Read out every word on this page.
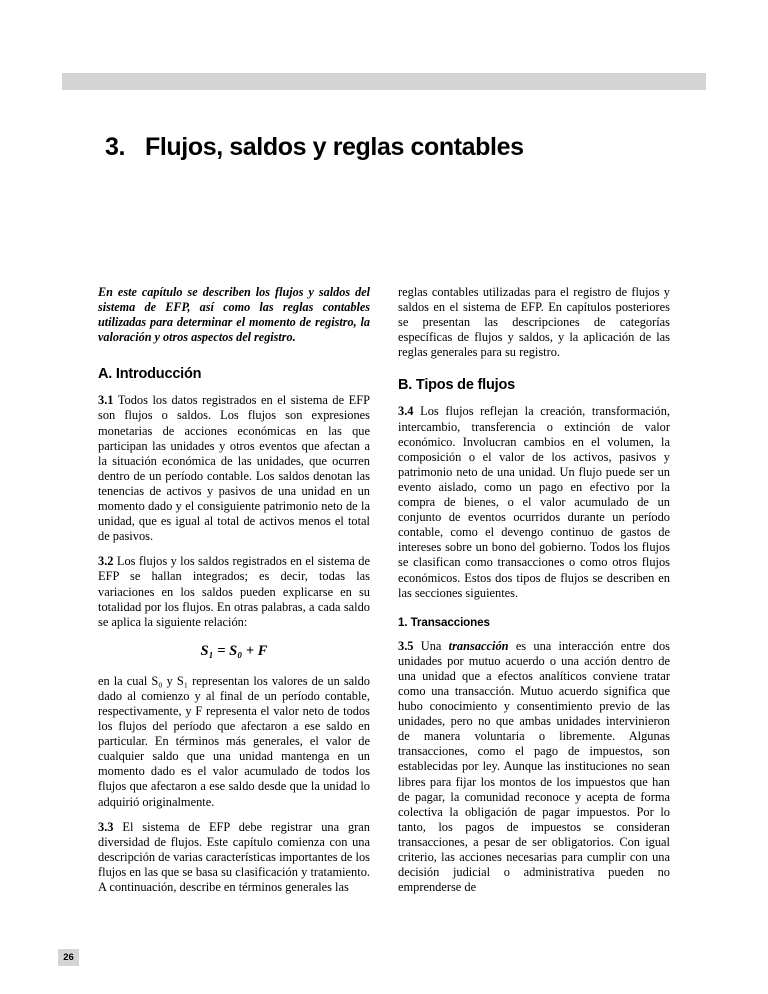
3. Flujos, saldos y reglas contables

En este capítulo se describen los flujos y saldos del sistema de EFP, así como las reglas contables utilizadas para determinar el momento de registro, la valoración y otros aspectos del registro.

A. Introducción

3.1 Todos los datos registrados en el sistema de EFP son flujos o saldos. Los flujos son expresiones monetarias de acciones económicas en las que participan las unidades y otros eventos que afectan a la situación económica de las unidades, que ocurren dentro de un período contable. Los saldos denotan las tenencias de activos y pasivos de una unidad en un momento dado y el consiguiente patrimonio neto de la unidad, que es igual al total de activos menos el total de pasivos.

3.2 Los flujos y los saldos registrados en el sistema de EFP se hallan integrados; es decir, todas las variaciones en los saldos pueden explicarse en su totalidad por los flujos. En otras palabras, a cada saldo se aplica la siguiente relación:

S₁ = S₀ + F

en la cual S₀ y S₁ representan los valores de un saldo dado al comienzo y al final de un período contable, respectivamente, y F representa el valor neto de todos los flujos del período que afectaron a ese saldo en particular. En términos más generales, el valor de cualquier saldo que una unidad mantenga en un momento dado es el valor acumulado de todos los flujos que afectaron a ese saldo desde que la unidad lo adquirió originalmente.

3.3 El sistema de EFP debe registrar una gran diversidad de flujos. Este capítulo comienza con una descripción de varias características importantes de los flujos en las que se basa su clasificación y tratamiento. A continuación, describe en términos generales las

reglas contables utilizadas para el registro de flujos y saldos en el sistema de EFP. En capítulos posteriores se presentan las descripciones de categorías específicas de flujos y saldos, y la aplicación de las reglas generales para su registro.

B. Tipos de flujos

3.4 Los flujos reflejan la creación, transformación, intercambio, transferencia o extinción de valor económico. Involucran cambios en el volumen, la composición o el valor de los activos, pasivos y patrimonio neto de una unidad. Un flujo puede ser un evento aislado, como un pago en efectivo por la compra de bienes, o el valor acumulado de un conjunto de eventos ocurridos durante un período contable, como el devengo continuo de gastos de intereses sobre un bono del gobierno. Todos los flujos se clasifican como transacciones o como otros flujos económicos. Estos dos tipos de flujos se describen en las secciones siguientes.

1. Transacciones

3.5 Una transacción es una interacción entre dos unidades por mutuo acuerdo o una acción dentro de una unidad que a efectos analíticos conviene tratar como una transacción. Mutuo acuerdo significa que hubo conocimiento y consentimiento previo de las unidades, pero no que ambas unidades intervinieron de manera voluntaria o libremente. Algunas transacciones, como el pago de impuestos, son establecidas por ley. Aunque las instituciones no sean libres para fijar los montos de los impuestos que han de pagar, la comunidad reconoce y acepta de forma colectiva la obligación de pagar impuestos. Por lo tanto, los pagos de impuestos se consideran transacciones, a pesar de ser obligatorios. Con igual criterio, las acciones necesarias para cumplir con una decisión judicial o administrativa pueden no emprenderse de

26
